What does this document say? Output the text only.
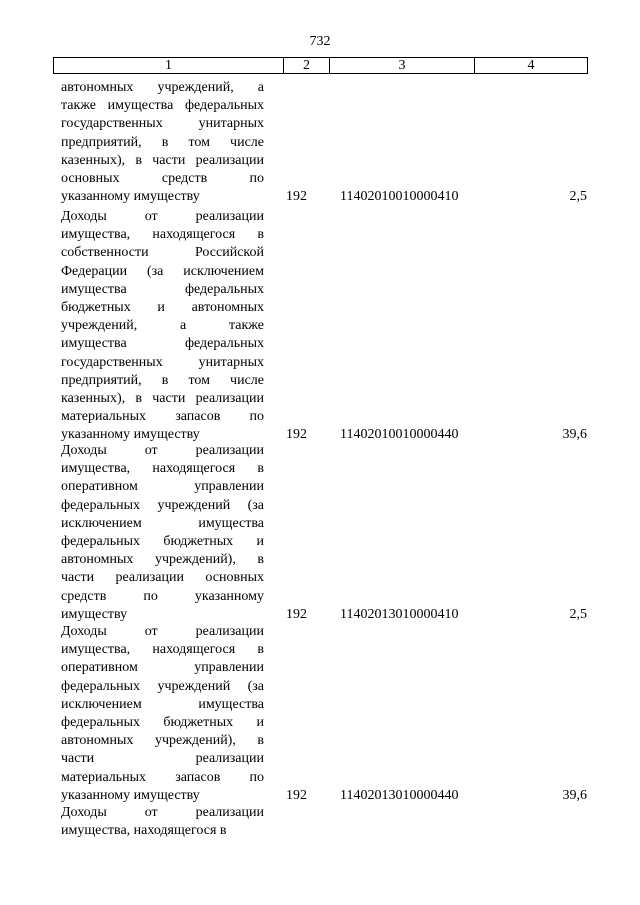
732
1	2	3	4
автономных учреждений, а
также имущества федеральных
государственных унитарных
предприятий, в том числе
казенных), в части реализации
основных средств по
указанному имуществу	192	11402010010000410	2,5
Доходы от реализации
имущества, находящегося в
собственности Российской
Федерации (за исключением
имущества федеральных
бюджетных и автономных
учреждений, а также
имущества федеральных
государственных унитарных
предприятий, в том числе
казенных), в части реализации
материальных запасов по
указанному имуществу	192	11402010010000440	39,6
Доходы от реализации
имущества, находящегося в
оперативном управлении
федеральных учреждений (за
исключением имущества
федеральных бюджетных и
автономных учреждений), в
части реализации основных
средств по указанному
имуществу	192	11402013010000410	2,5
Доходы от реализации
имущества, находящегося в
оперативном управлении
федеральных учреждений (за
исключением имущества
федеральных бюджетных и
автономных учреждений), в
части реализации
материальных запасов по
указанному имуществу	192	11402013010000440	39,6
Доходы от реализации
имущества, находящегося в
